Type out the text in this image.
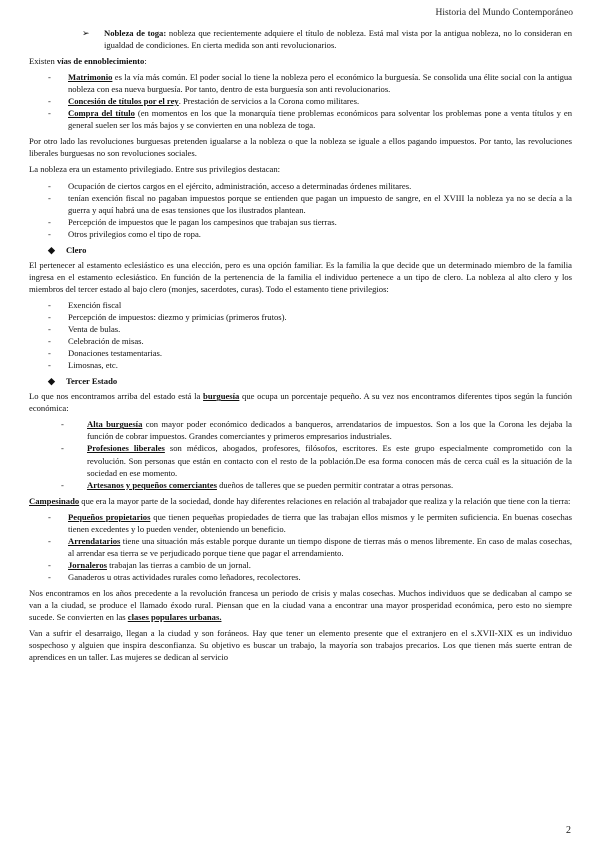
Historia del Mundo Contemporáneo
➢ Nobleza de toga: nobleza que recientemente adquiere el título de nobleza. Está mal vista por la antigua nobleza, no lo consideran en igualdad de condiciones. En cierta medida son anti revolucionarios.

Existen vías de ennoblecimiento:

- Matrimonio es la vía más común. El poder social lo tiene la nobleza pero el económico la burguesía. Se consolida una élite social con la antigua nobleza con esa nueva burguesía. Por tanto, dentro de esta burguesía son anti revolucionarios.
- Concesión de títulos por el rey. Prestación de servicios a la Corona como militares.
- Compra del título (en momentos en los que la monarquía tiene problemas económicos para solventar los problemas pone a venta títulos y en general suelen ser los más bajos y se convierten en una nobleza de toga.

Por otro lado las revoluciones burguesas pretenden igualarse a la nobleza o que la nobleza se iguale a ellos pagando impuestos. Por tanto, las revoluciones liberales burguesas no son revoluciones sociales.

La nobleza era un estamento privilegiado. Entre sus privilegios destacan:

- Ocupación de ciertos cargos en el ejército, administración, acceso a determinadas órdenes militares.
- tenían exención fiscal no pagaban impuestos porque se entienden que pagan un impuesto de sangre, en el XVIII la nobleza ya no se decía a la guerra y aquí habrá una de esas tensiones que los ilustrados plantean.
- Percepción de impuestos que le pagan los campesinos que trabajan sus tierras.
- Otros privilegios como el tipo de ropa.
◆ Clero

El pertenecer al estamento eclesiástico es una elección, pero es una opción familiar. Es la familia la que decide que un determinado miembro de la familia ingresa en el estamento eclesiástico. En función de la pertenencia de la familia el individuo pertenece a un tipo de clero. La nobleza al alto clero y los miembros del tercer estado al bajo clero (monjes, sacerdotes, curas). Todo el estamento tiene privilegios:

- Exención fiscal
- Percepción de impuestos: diezmo y primicias (primeros frutos).
- Venta de bulas.
- Celebración de misas.
- Donaciones testamentarias.
- Limosnas, etc.
◆ Tercer Estado

Lo que nos encontramos arriba del estado está la burguesía que ocupa un porcentaje pequeño. A su vez nos encontramos diferentes tipos según la función económica:

-	Alta burguesía con mayor poder económico dedicados a banqueros, arrendatarios de impuestos. Son a los que la Corona les dejaba la función de cobrar impuestos. Grandes comerciantes y primeros empresarios industriales.
-	Profesiones liberales son médicos, abogados, profesores, filósofos, escritores. Es este grupo especialmente comprometido con la revolución. Son personas que están en contacto con el resto de la población.De esa forma conocen más de cerca cuál es la situación de la sociedad en ese momento.
-	Artesanos y pequeños comerciantes dueños de talleres que se pueden permitir contratar a otras personas.

Campesinado que era la mayor parte de la sociedad, donde hay diferentes relaciones en relación al trabajador que realiza y la relación que tiene con la tierra:

- Pequeños propietarios que tienen pequeñas propiedades de tierra que las trabajan ellos mismos y le permiten suficiencia. En buenas cosechas tienen excedentes y lo pueden vender, obteniendo un beneficio.
- Arrendatarios tiene una situación más estable porque durante un tiempo dispone de tierras más o menos libremente. En caso de malas cosechas, al arrendar esa tierra se ve perjudicado porque tiene que pagar el arrendamiento.
- Jornaleros trabajan las tierras a cambio de un jornal.
- Ganaderos u otras actividades rurales como leñadores, recolectores.

Nos encontramos en los años precedente a la revolución francesa un periodo de crisis y malas cosechas. Muchos individuos que se dedicaban al campo se van a la ciudad, se produce el llamado éxodo rural. Piensan que en la ciudad vana a encontrar una mayor prosperidad económica, pero esto no siempre sucede. Se convierten en las clases populares urbanas.

Van a sufrir el desarraigo, llegan a la ciudad y son foráneos. Hay que tener un elemento presente que el extranjero en el s.XVII-XIX es un individuo sospechoso y alguien que inspira desconfianza. Su objetivo es buscar un trabajo, la mayoría son trabajos precarios. Los que tienen más suerte entran de aprendices en un taller. Las mujeres se dedican al servicio

2
